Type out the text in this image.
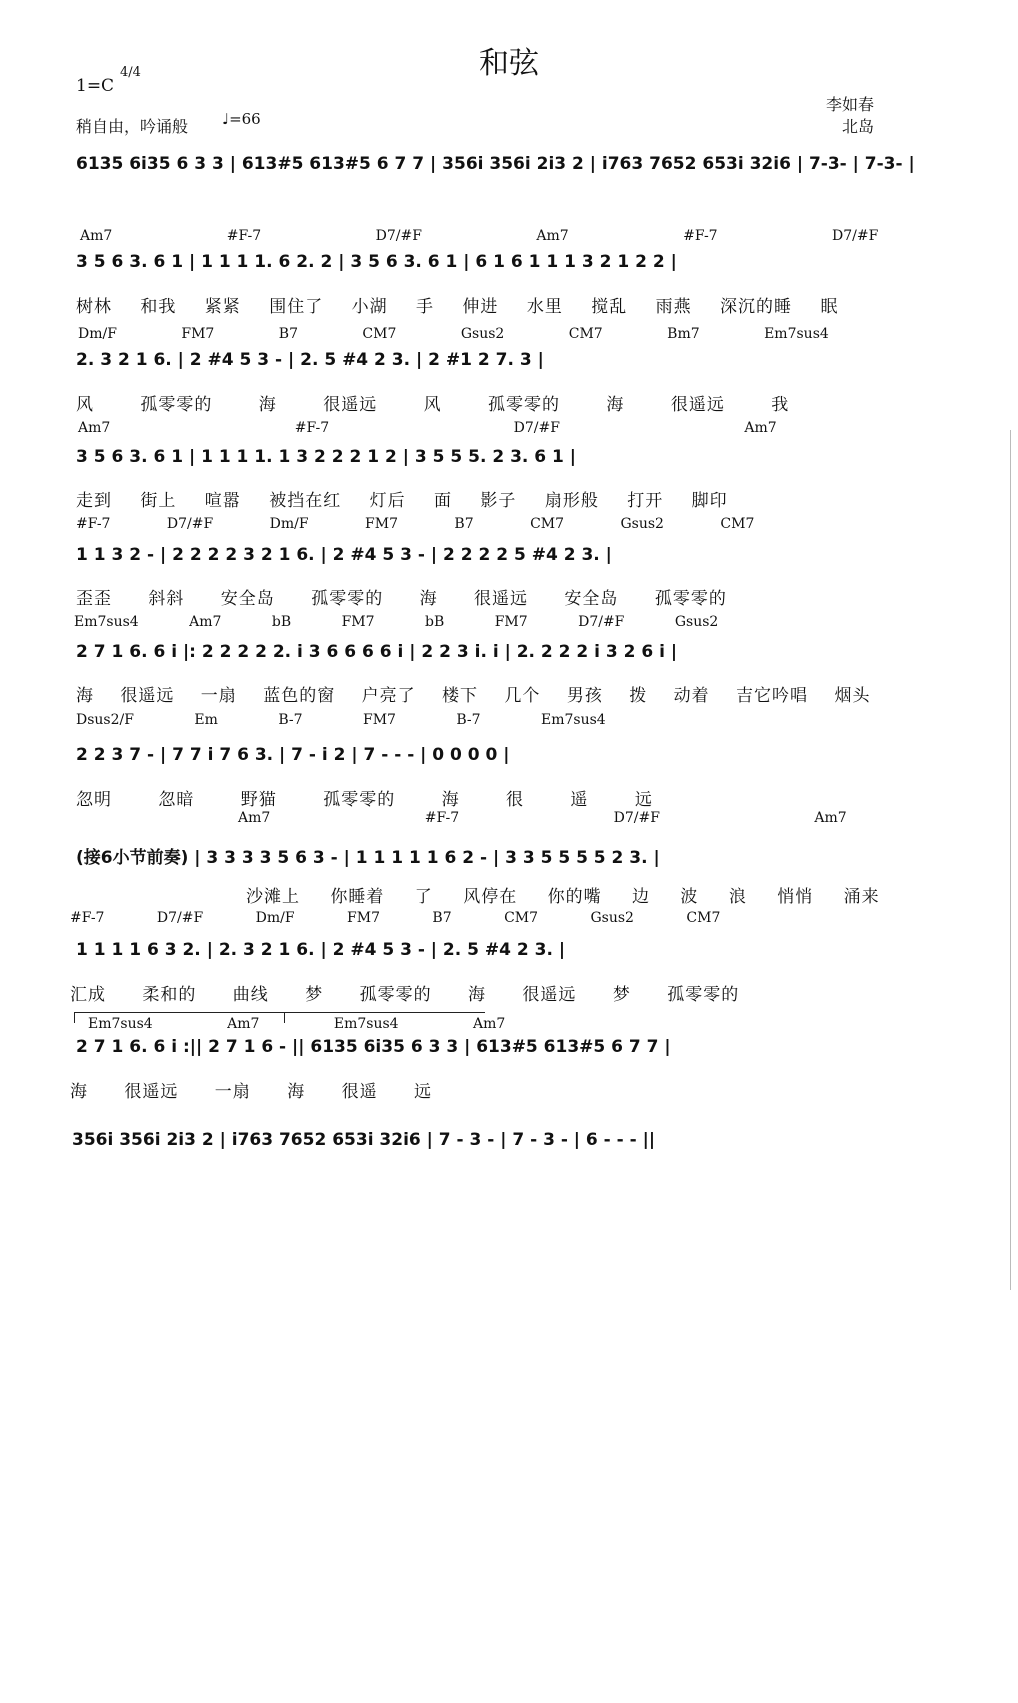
和弦
1=C
4/4
稍自由，吟诵般 ♩=66
李如春
北岛
6135 6i35 6 3 3 | 613#5 613#5 6 7 7 | 356i 356i 2i3 2 | i763 7652 653i 32i6 | 7-3- | 7-3- |
Am7 #F-7 D7/#F Am7 #F-7 D7/#F
3 5 6 3. 6 1 | 1 1 1 1. 6 2. 2 | 3 5 6 3. 6 1 | 6 1 6 1 1 1 3 2 1 2 2 |
树林 和我 紧紧 围住了 小湖 手 伸进 水里 搅乱 雨燕 深沉的睡 眠
Dm/F FM7 B7 CM7 Gsus2 CM7 Bm7 Em7sus4
2. 3 2 1 6. | 2 #4 5 3 - | 2. 5 #4 2 3. | 2 #1 2 7. 3 |
风 孤零零的 海 很遥远 风 孤零零的 海 很遥远 我
Am7 #F-7 D7/#F Am7
3 5 6 3. 6 1 | 1 1 1 1. 1 3 2 2 2 1 2 | 3 5 5 5. 2 3. 6 1 |
走到 街上 喧嚣 被挡在红 灯后 面 影子 扇形般 打开 脚印
#F-7 D7/#F Dm/F FM7 B7 CM7 Gsus2 CM7
1 1 3 2 - | 2 2 2 2 3 2 1 6. | 2 #4 5 3 - | 2 2 2 2 5 #4 2 3. |
歪歪 斜斜 安全岛 孤零零的 海 很遥远 安全岛 孤零零的
Em7sus4 Am7 bB FM7 bB FM7 D7/#F Gsus2
2 7 1 6. 6 i |: 2 2 2 2 2. i 3 6 6 6 6 i | 2 2 3 i. i | 2. 2 2 2 i 3 2 6 i |
海 很遥远 一扇 蓝色的窗 户亮了 楼下 几个 男孩 拨 动着 吉它吟唱 烟头
Dsus2/F Em B-7 FM7 B-7 Em7sus4
2 2 3 7 - | 7 7 i 7 6 3. | 7 - i 2 | 7 - - - | 0 0 0 0 |
忽明 忽暗 野猫 孤零零的 海 很 遥 远
Am7 #F-7 D7/#F Am7
(接6小节前奏) | 3 3 3 3 5 6 3 - | 1 1 1 1 1 6 2 - | 3 3 5 5 5 5 2 3. |
沙滩上 你睡着 了 风停在 你的嘴 边 波 浪 悄悄 涌来
#F-7 D7/#F Dm/F FM7 B7 CM7 Gsus2 CM7
1 1 1 1 6 3 2. | 2. 3 2 1 6. | 2 #4 5 3 - | 2. 5 #4 2 3. |
汇成 柔和的 曲线 梦 孤零零的 海 很遥远 梦 孤零零的
Em7sus4 Am7 Em7sus4 Am7
2 7 1 6. 6 i :|| 2 7 1 6 - || 6135 6i35 6 3 3 | 613#5 613#5 6 7 7 |
海 很遥远 一扇 海 很遥 远
356i 356i 2i3 2 | i763 7652 653i 32i6 | 7 - 3 - | 7 - 3 - | 6 - - - ||
